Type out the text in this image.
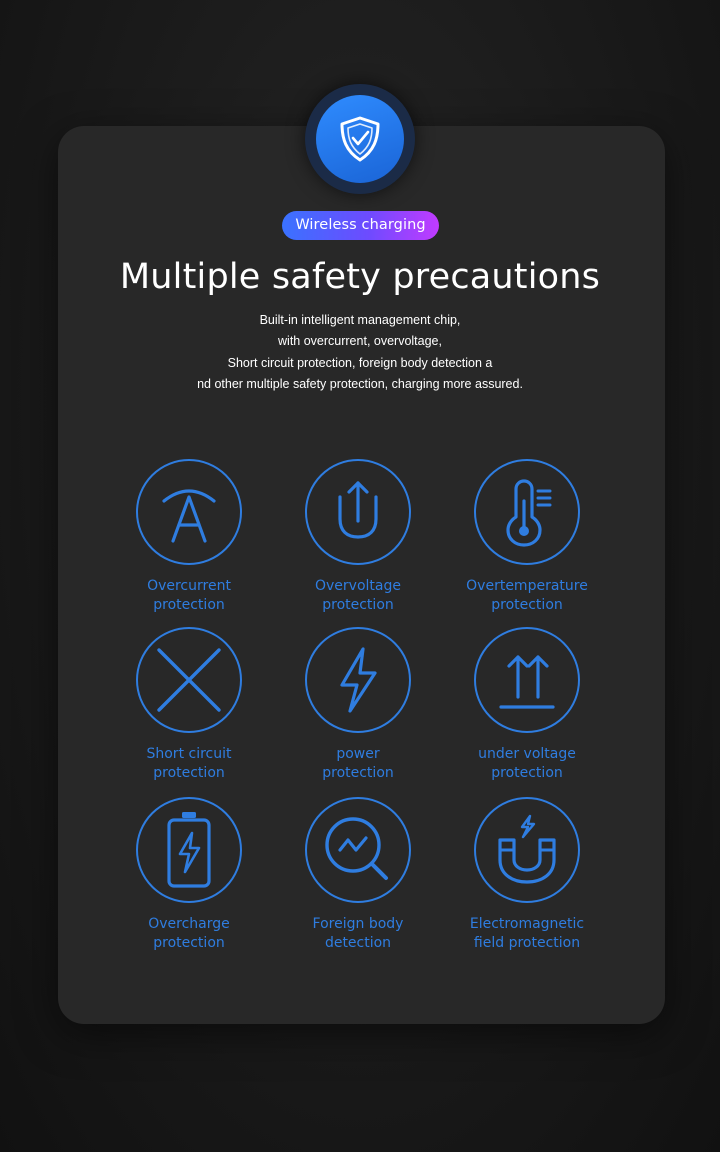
Wireless charging
Multiple safety precautions
Built-in intelligent management chip,
with overcurrent, overvoltage,
Short circuit protection, foreign body detection a
nd other multiple safety protection, charging more assured.
Overcurrent
protection
Overvoltage
protection
Overtemperature
protection
Short circuit
protection
power
protection
under voltage
protection
Overcharge
protection
Foreign body
detection
Electromagnetic
field protection
